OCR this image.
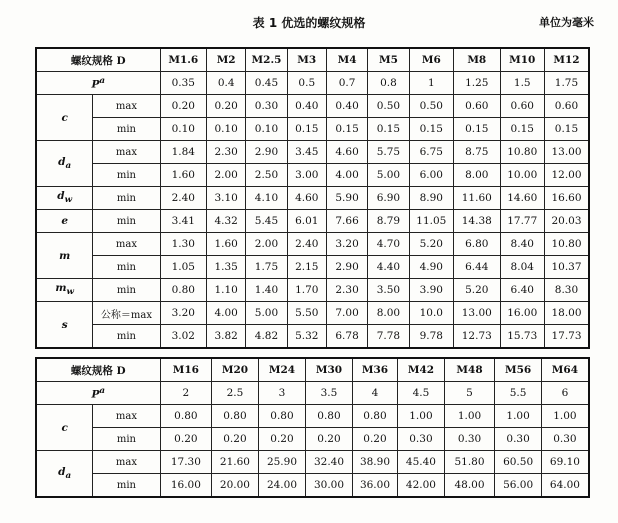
表 1 优选的螺纹规格	单位为毫米
螺纹规格 D		M1.6	M2	M2.5	M3	M4	M5	M6	M8	M10	M12
$P^a$		0.35	0.4	0.45	0.5	0.7	0.8	1	1.25	1.5	1.75
c	max	0.20	0.20	0.30	0.40	0.40	0.50	0.50	0.60	0.60	0.60
	min	0.10	0.10	0.10	0.15	0.15	0.15	0.15	0.15	0.15	0.15
$d_a$	max	1.84	2.30	2.90	3.45	4.60	5.75	6.75	8.75	10.80	13.00
	min	1.60	2.00	2.50	3.00	4.00	5.00	6.00	8.00	10.00	12.00
$d_w$	min	2.40	3.10	4.10	4.60	5.90	6.90	8.90	11.60	14.60	16.60
e	min	3.41	4.32	5.45	6.01	7.66	8.79	11.05	14.38	17.77	20.03
m	max	1.30	1.60	2.00	2.40	3.20	4.70	5.20	6.80	8.40	10.80
	min	1.05	1.35	1.75	2.15	2.90	4.40	4.90	6.44	8.04	10.37
$m_w$	min	0.80	1.10	1.40	1.70	2.30	3.50	3.90	5.20	6.40	8.30
s	公称＝max	3.20	4.00	5.00	5.50	7.00	8.00	10.0	13.00	16.00	18.00
	min	3.02	3.82	4.82	5.32	6.78	7.78	9.78	12.73	15.73	17.73
螺纹规格 D		M16	M20	M24	M30	M36	M42	M48	M56	M64
$P^a$		2	2.5	3	3.5	4	4.5	5	5.5	6
c	max	0.80	0.80	0.80	0.80	0.80	1.00	1.00	1.00	1.00
	min	0.20	0.20	0.20	0.20	0.20	0.30	0.30	0.30	0.30
$d_a$	max	17.30	21.60	25.90	32.40	38.90	45.40	51.80	60.50	69.10
	min	16.00	20.00	24.00	30.00	36.00	42.00	48.00	56.00	64.00
